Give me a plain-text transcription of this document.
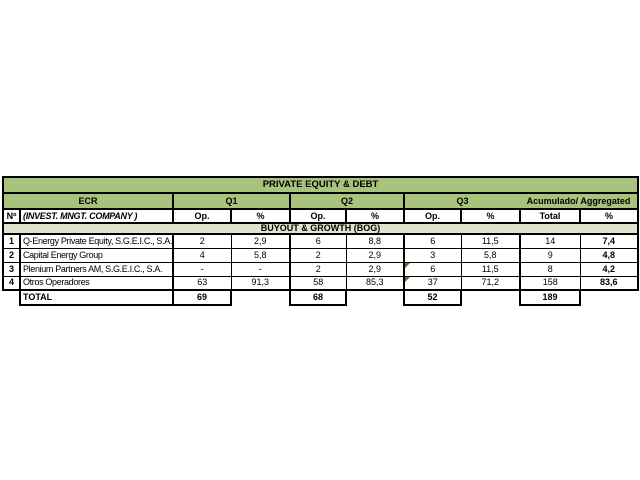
PRIVATE EQUITY & DEBT									
ECR		Q1		Q2		Q3		Acumulado/ Aggregated	
Nº	(INVEST. MNGT. COMPANY )	Op.	%	Op.	%	Op.	%	Total	%
BUYOUT & GROWTH (BOG)									
1	Q-Energy Private Equity, S.G.E.I.C., S.A.	2	2,9	6	8,8	6	11,5	14	7,4
2	Capital Energy Group	4	5,8	2	2,9	3	5,8	9	4,8
3	Plenium Partners AM, S.G.E.I.C., S.A.	-	-	2	2,9	6	11,5	8	4,2
4	Otros Operadores	63	91,3	58	85,3	37	71,2	158	83,6
	TOTAL	69		68		52		189	
